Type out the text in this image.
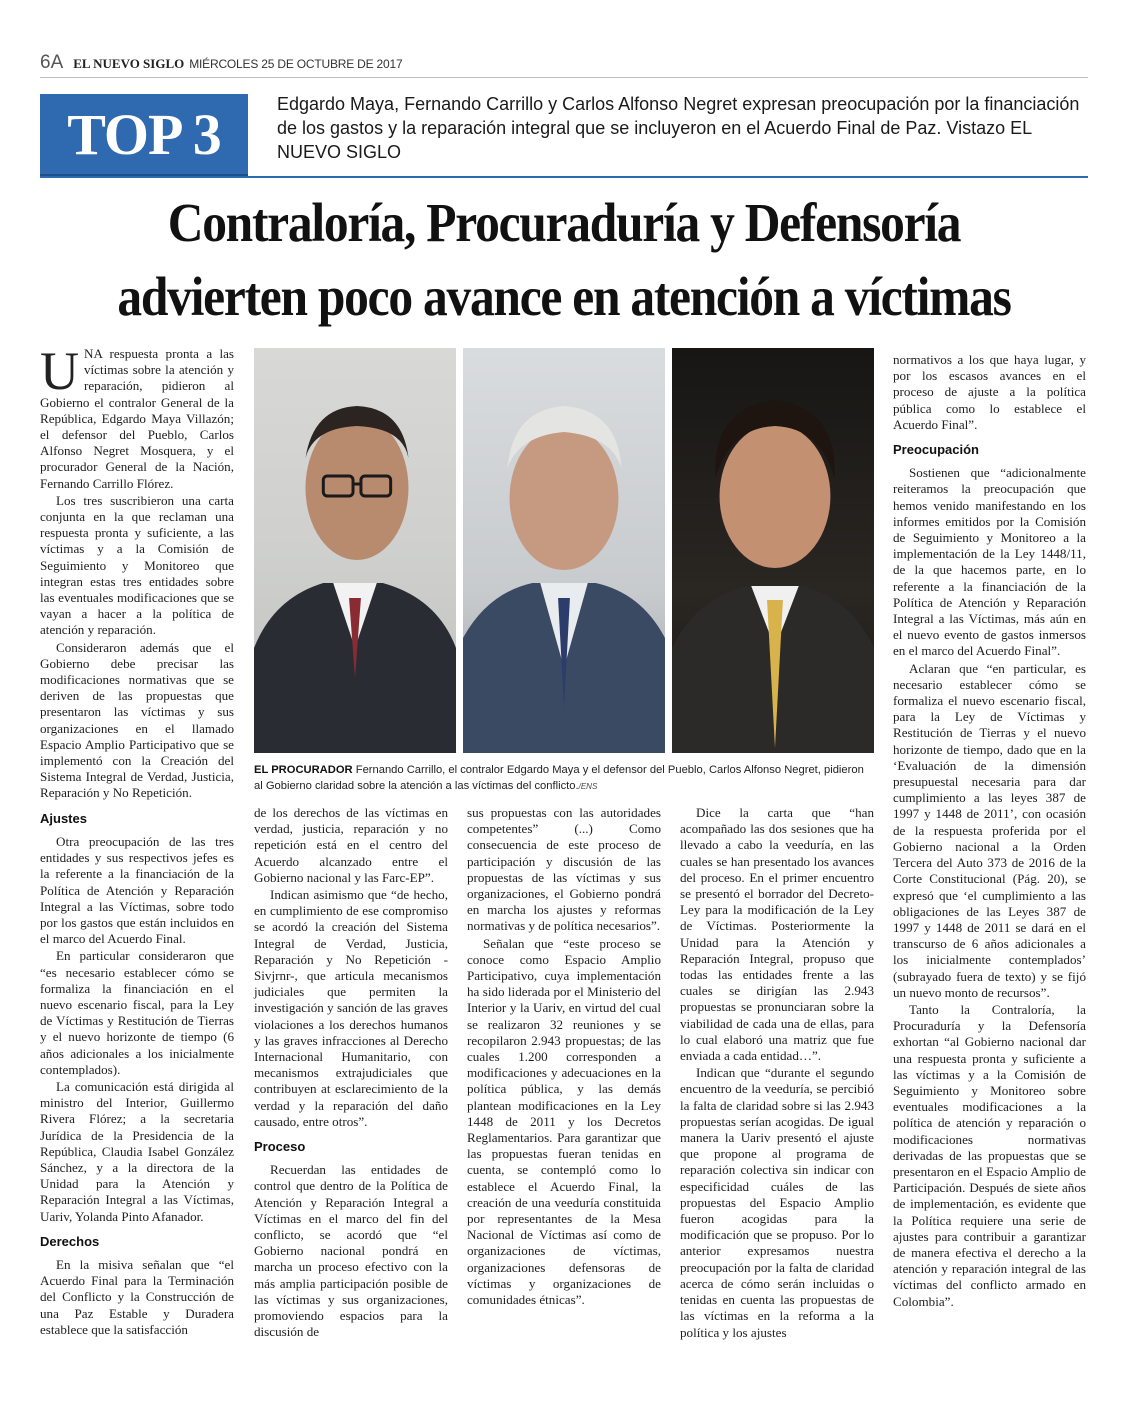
6A EL NUEVO SIGLO MIÉRCOLES 25 DE OCTUBRE DE 2017
TOP 3	Edgardo Maya, Fernando Carrillo y Carlos Alfonso Negret expresan preocupación por la financiación de los gastos y la reparación integral que se incluyeron en el Acuerdo Final de Paz. Vistazo EL NUEVO SIGLO
Contraloría, Procuraduría y Defensoría
advierten poco avance en atención a víctimas

UNA respuesta pronta a las víctimas sobre la atención y reparación, pidieron al Gobierno el contralor General de la República, Edgardo Maya Villazón; el defensor del Pueblo, Carlos Alfonso Negret Mosquera, y el procurador General de la Nación, Fernando Carrillo Flórez.

Los tres suscribieron una carta conjunta en la que reclaman una respuesta pronta y suficiente, a las víctimas y a la Comisión de Seguimiento y Monitoreo que integran estas tres entidades sobre las eventuales modificaciones que se vayan a hacer a la política de atención y reparación.

Consideraron además que el Gobierno debe precisar las modificaciones normativas que se deriven de las propuestas que presentaron las víctimas y sus organizaciones en el llamado Espacio Amplio Participativo que se implementó con la Creación del Sistema Integral de Verdad, Justicia, Reparación y No Repetición.

Ajustes

Otra preocupación de las tres entidades y sus respectivos jefes es la referente a la financiación de la Política de Atención y Reparación Integral a las Víctimas, sobre todo por los gastos que están incluidos en el marco del Acuerdo Final.

En particular consideraron que “es necesario establecer cómo se formaliza la financiación en el nuevo escenario fiscal, para la Ley de Víctimas y Restitución de Tierras y el nuevo horizonte de tiempo (6 años adicionales a los inicialmente contemplados).

La comunicación está dirigida al ministro del Interior, Guillermo Rivera Flórez; a la secretaria Jurídica de la Presidencia de la República, Claudia Isabel González Sánchez, y a la directora de la Unidad para la Atención y Reparación Integral a las Víctimas, Uariv, Yolanda Pinto Afanador.

Derechos

En la misiva señalan que “el Acuerdo Final para la Terminación del Conflicto y la Construcción de una Paz Estable y Duradera establece que la satisfacción

EL PROCURADOR Fernando Carrillo, el contralor Edgardo Maya y el defensor del Pueblo, Carlos Alfonso Negret, pidieron al Gobierno claridad sobre la atención a las víctimas del conflicto./ENS

de los derechos de las víctimas en verdad, justicia, reparación y no repetición está en el centro del Acuerdo alcanzado entre el Gobierno nacional y las Farc-EP”.

Indican asimismo que “de hecho, en cumplimiento de ese compromiso se acordó la creación del Sistema Integral de Verdad, Justicia, Reparación y No Repetición -Sivjrnr-, que articula mecanismos judiciales que permiten la investigación y sanción de las graves violaciones a los derechos humanos y las graves infracciones al Derecho Internacional Humanitario, con mecanismos extrajudiciales que contribuyen at esclarecimiento de la verdad y la reparación del daño causado, entre otros”.

Proceso

Recuerdan las entidades de control que dentro de la Política de Atención y Reparación Integral a Víctimas en el marco del fin del conflicto, se acordó que “el Gobierno nacional pondrá en marcha un proceso efectivo con la más amplia participación posible de las víctimas y sus organizaciones, promoviendo espacios para la discusión de

sus propuestas con las autoridades competentes” (...) Como consecuencia de este proceso de participación y discusión de las propuestas de las víctimas y sus organizaciones, el Gobierno pondrá en marcha los ajustes y reformas normativas y de política necesarios”.

Señalan que “este proceso se conoce como Espacio Amplio Participativo, cuya implementación ha sido liderada por el Ministerio del Interior y la Uariv, en virtud del cual se realizaron 32 reuniones y se recopilaron 2.943 propuestas; de las cuales 1.200 corresponden a modificaciones y adecuaciones en la política pública, y las demás plantean modificaciones en la Ley 1448 de 2011 y los Decretos Reglamentarios. Para garantizar que las propuestas fueran tenidas en cuenta, se contempló como lo establece el Acuerdo Final, la creación de una veeduría constituida por representantes de la Mesa Nacional de Víctimas así como de organizaciones de víctimas, organizaciones defensoras de víctimas y organizaciones de comunidades étnicas”.

Dice la carta que “han acompañado las dos sesiones que ha llevado a cabo la veeduría, en las cuales se han presentado los avances del proceso. En el primer encuentro se presentó el borrador del Decreto-Ley para la modificación de la Ley de Víctimas. Posteriormente la Unidad para la Atención y Reparación Integral, propuso que todas las entidades frente a las cuales se dirigían las 2.943 propuestas se pronunciaran sobre la viabilidad de cada una de ellas, para lo cual elaboró una matriz que fue enviada a cada entidad…”.

Indican que “durante el segundo encuentro de la veeduría, se percibió la falta de claridad sobre si las 2.943 propuestas serían acogidas. De igual manera la Uariv presentó el ajuste que propone al programa de reparación colectiva sin indicar con especificidad cuáles de las propuestas del Espacio Amplio fueron acogidas para la modificación que se propuso. Por lo anterior expresamos nuestra preocupación por la falta de claridad acerca de cómo serán incluidas o tenidas en cuenta las propuestas de las víctimas en la reforma a la política y los ajustes

normativos a los que haya lugar, y por los escasos avances en el proceso de ajuste a la política pública como lo establece el Acuerdo Final”.

Preocupación

Sostienen que “adicionalmente reiteramos la preocupación que hemos venido manifestando en los informes emitidos por la Comisión de Seguimiento y Monitoreo a la implementación de la Ley 1448/11, de la que hacemos parte, en lo referente a la financiación de la Política de Atención y Reparación Integral a las Víctimas, más aún en el nuevo evento de gastos inmersos en el marco del Acuerdo Final”.

Aclaran que “en particular, es necesario establecer cómo se formaliza el nuevo escenario fiscal, para la Ley de Víctimas y Restitución de Tierras y el nuevo horizonte de tiempo, dado que en la ‘Evaluación de la dimensión presupuestal necesaria para dar cumplimiento a las leyes 387 de 1997 y 1448 de 2011’, con ocasión de la respuesta proferida por el Gobierno nacional a la Orden Tercera del Auto 373 de 2016 de la Corte Constitucional (Pág. 20), se expresó que ‘el cumplimiento a las obligaciones de las Leyes 387 de 1997 y 1448 de 2011 se dará en el transcurso de 6 años adicionales a los inicialmente contemplados’ (subrayado fuera de texto) y se fijó un nuevo monto de recursos”.

Tanto la Contraloría, la Procuraduría y la Defensoría exhortan “al Gobierno nacional dar una respuesta pronta y suficiente a las víctimas y a la Comisión de Seguimiento y Monitoreo sobre eventuales modificaciones a la política de atención y reparación o modificaciones normativas derivadas de las propuestas que se presentaron en el Espacio Amplio de Participación. Después de siete años de implementación, es evidente que la Política requiere una serie de ajustes para contribuir a garantizar de manera efectiva el derecho a la atención y reparación integral de las víctimas del conflicto armado en Colombia”.
